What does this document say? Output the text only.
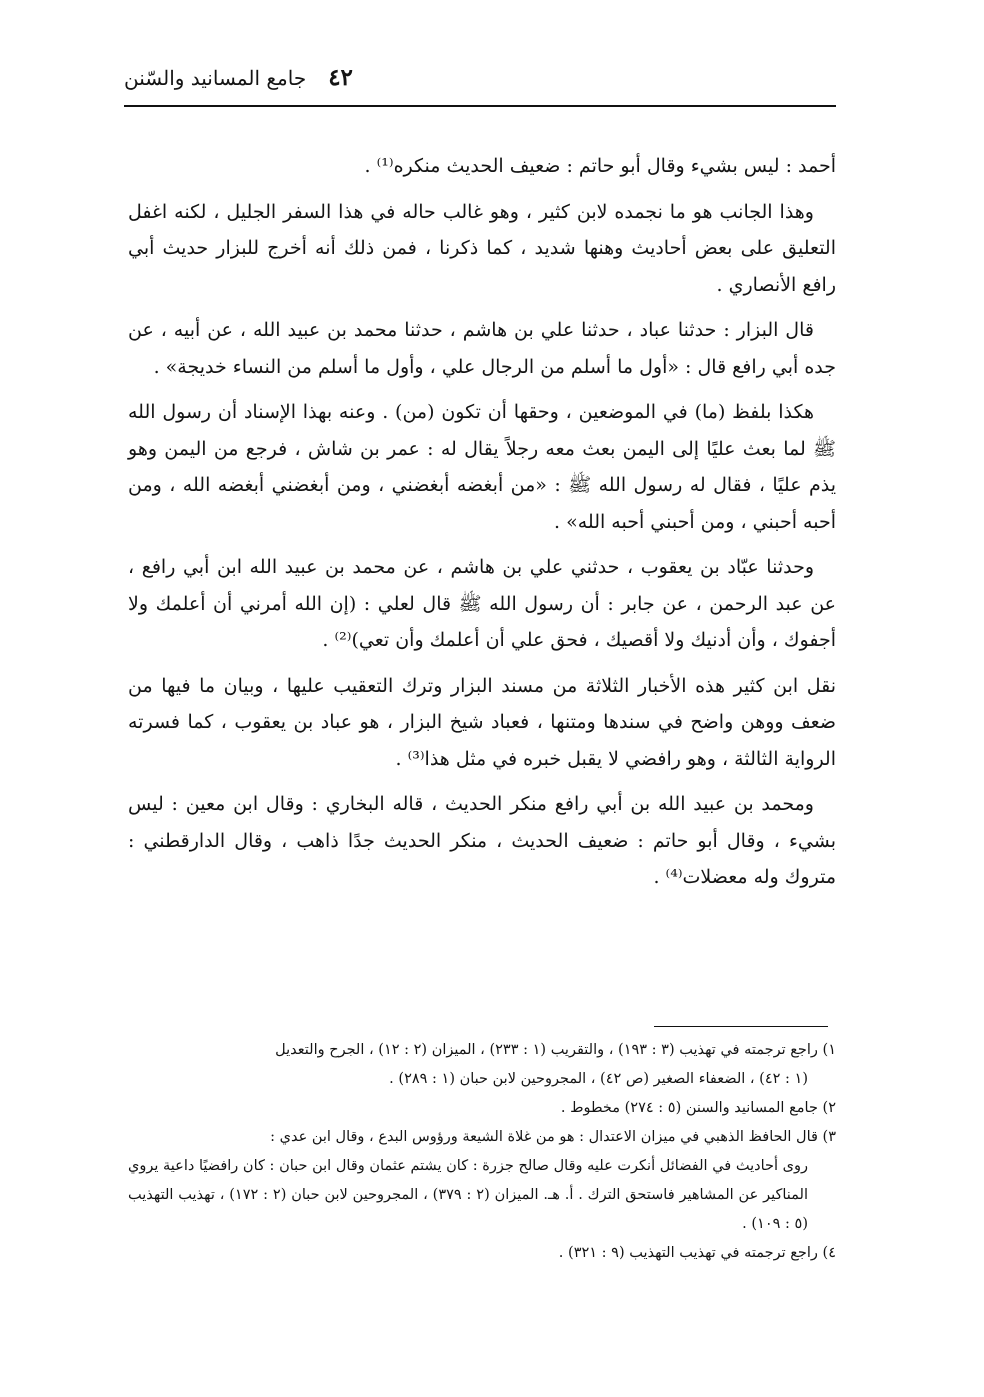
٤٢
جامع المسانيد والسّنن

أحمد : ليس بشيء وقال أبو حاتم : ضعيف الحديث منكره⁽¹⁾ .

وهذا الجانب هو ما نجمده لابن كثير ، وهو غالب حاله في هذا السفر الجليل ، لكنه اغفل التعليق على بعض أحاديث وهنها شديد ، كما ذكرنا ، فمن ذلك أنه أخرج للبزار حديث أبي رافع الأنصاري .

قال البزار : حدثنا عباد ، حدثنا علي بن هاشم ، حدثنا محمد بن عبيد الله ، عن أبيه ، عن جده أبي رافع قال : «أول ما أسلم من الرجال علي ، وأول ما أسلم من النساء خديجة» .

هكذا بلفظ (ما) في الموضعين ، وحقها أن تكون (من) . وعنه بهذا الإسناد أن رسول الله ﷺ لما بعث عليًا إلى اليمن بعث معه رجلاً يقال له : عمر بن شاش ، فرجع من اليمن وهو يذم عليًا ، فقال له رسول الله ﷺ : «من أبغضه أبغضني ، ومن أبغضني أبغضه الله ، ومن أحبه أحبني ، ومن أحبني أحبه الله» .

وحدثنا عبّاد بن يعقوب ، حدثني علي بن هاشم ، عن محمد بن عبيد الله ابن أبي رافع ، عن عبد الرحمن ، عن جابر : أن رسول الله ﷺ قال لعلي : (إن الله أمرني أن أعلمك ولا أجفوك ، وأن أدنيك ولا أقصيك ، فحق علي أن أعلمك وأن تعي)⁽²⁾ .

نقل ابن كثير هذه الأخبار الثلاثة من مسند البزار وترك التعقيب عليها ، وبيان ما فيها من ضعف ووهن واضح في سندها ومتنها ، فعباد شيخ البزار ، هو عباد بن يعقوب ، كما فسرته الرواية الثالثة ، وهو رافضي لا يقبل خبره في مثل هذا⁽³⁾ .

ومحمد بن عبيد الله بن أبي رافع منكر الحديث ، قاله البخاري : وقال ابن معين : ليس بشيء ، وقال أبو حاتم : ضعيف الحديث ، منكر الحديث جدًا ذاهب ، وقال الدارقطني : متروك وله معضلات⁽⁴⁾ .

١) راجع ترجمته في تهذيب (٣ : ١٩٣) ، والتقريب (١ : ٢٣٣) ، الميزان (٢ : ١٢) ، الجرح والتعديل

(١ : ٤٢) ، الضعفاء الصغير (ص ٤٢) ، المجروحين لابن حبان (١ : ٢٨٩) .

٢) جامع المسانيد والسنن (٥ : ٢٧٤) مخطوط .

٣) قال الحافظ الذهبي في ميزان الاعتدال : هو من غلاة الشيعة ورؤوس البدع ، وقال ابن عدي :

روى أحاديث في الفضائل أنكرت عليه وقال صالح جزرة : كان يشتم عثمان وقال ابن حبان : كان رافضيًا داعية يروي المناكير عن المشاهير فاستحق الترك . أ. هـ. الميزان (٢ : ٣٧٩) ، المجروحين لابن حبان (٢ : ١٧٢) ، تهذيب التهذيب (٥ : ١٠٩) .

٤) راجع ترجمته في تهذيب التهذيب (٩ : ٣٢١) .
